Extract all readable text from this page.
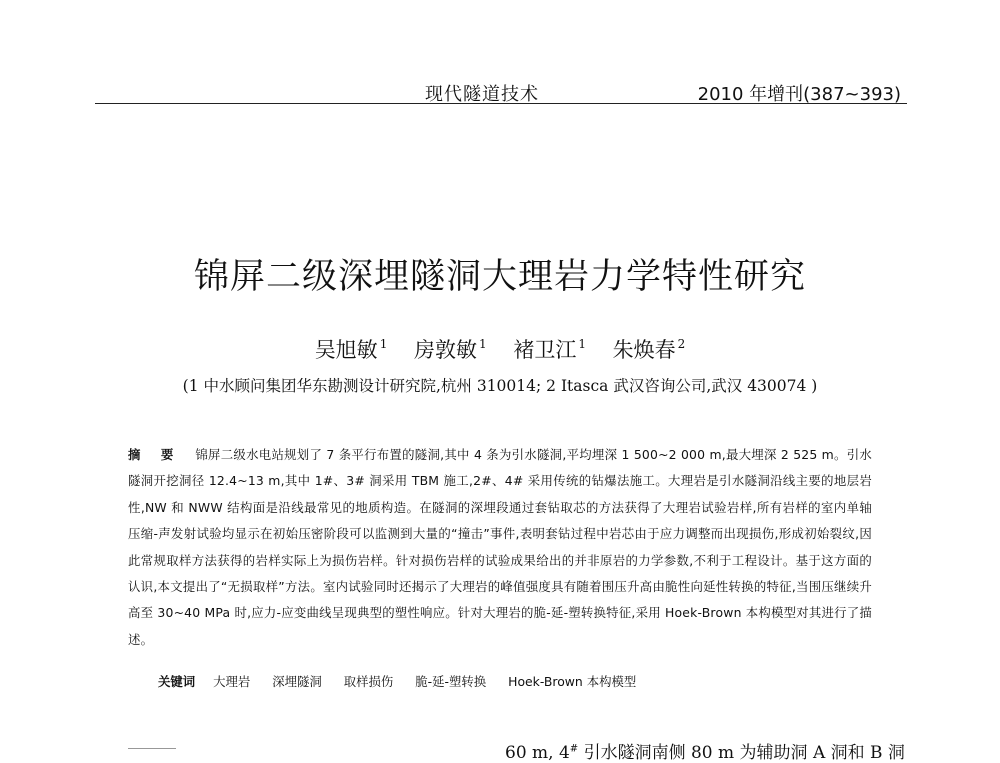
现代隧道技术	2010 年增刊(387~393)
锦屏二级深埋隧洞大理岩力学特性研究
吴旭敏 $^1$ 房敦敏 $^1$ 褚卫江 $^1$ 朱焕春 $^2$
(1 中水顾问集团华东勘测设计研究院,杭州 310014; 2 Itasca 武汉咨询公司,武汉 430074 )
摘 要 锦屏二级水电站规划了 7 条平行布置的隧洞,其中 4 条为引水隧洞,平均埋深 1 500~2 000 m,最大埋深 2 525 m。引水隧洞开挖洞径 12.4~13 m,其中 1#、3# 洞采用 TBM 施工,2#、4# 采用传统的钻爆法施工。大理岩是引水隧洞沿线主要的地层岩性,NW 和 NWW 结构面是沿线最常见的地质构造。在隧洞的深埋段通过套钻取芯的方法获得了大理岩试验岩样,所有岩样的室内单轴压缩-声发射试验均显示在初始压密阶段可以监测到大量的“撞击”事件,表明套钻过程中岩芯由于应力调整而出现损伤,形成初始裂纹,因此常规取样方法获得的岩样实际上为损伤岩样。针对损伤岩样的试验成果给出的并非原岩的力学参数,不利于工程设计。基于这方面的认识,本文提出了“无损取样”方法。室内试验同时还揭示了大理岩的峰值强度具有随着围压升高由脆性向延性转换的特征,当围压继续升高至 30~40 MPa 时,应力-应变曲线呈现典型的塑性响应。针对大理岩的脆-延-塑转换特征,采用 Hoek-Brown 本构模型对其进行了描述。
关键词 大理岩 深埋隧洞 取样损伤 脆-延-塑转换 Hoek-Brown 本构模型
60 m, 4# 引水隧洞南侧 80 m 为辅助洞 A 洞和 B 洞
